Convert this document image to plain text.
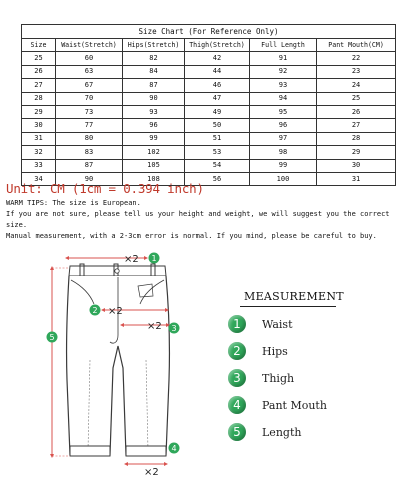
Size Chart (For Reference Only)					
Size	Waist(Stretch)	Hips(Stretch)	Thigh(Stretch)	Full Length	Pant Mouth(CM)
25	60	82	42	91	22
26	63	84	44	92	23
27	67	87	46	93	24
28	70	90	47	94	25
29	73	93	49	95	26
30	77	96	50	96	27
31	80	99	51	97	28
32	83	102	53	98	29
33	87	105	54	99	30
34	90	108	56	100	31
Unit: CM (1cm = 0.394 inch)

WARM TIPS: The size is European.

If you are not sure, please tell us your height and weight, we will suggest you the correct size.

Manual measurement, with a 2-3cm error is normal. If you mind, please be careful to buy.

×2
×2
×2
×2
1
2
3
4
5
MEASUREMENT
1	Waist
2	Hips
3	Thigh
4	Pant Mouth
5	Length
